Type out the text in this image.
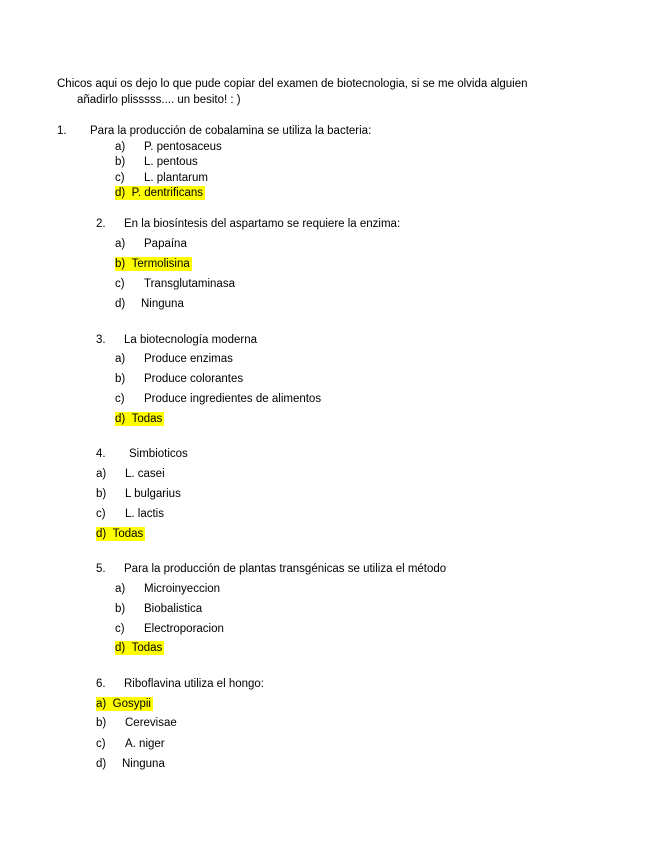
Chicos aqui os dejo lo que pude copiar del examen de biotecnologia, si se me olvida alguien
añadirlo plisssss.... un besito! : )
1. Para la producción de cobalamina se utiliza la bacteria:
a) P. pentosaceus
b) L. pentous
c) L. plantarum
d) P. dentrificans
2. En la biosíntesis del aspartamo se requiere la enzima:
a) Papaína
b) Termolisina
c) Transglutaminasa
d) Ninguna
3. La biotecnología moderna
a) Produce enzimas
b) Produce colorantes
c) Produce ingredientes de alimentos
d) Todas
4. Simbioticos
a) L. casei
b) L bulgarius
c) L. lactis
d) Todas
5. Para la producción de plantas transgénicas se utiliza el método
a) Microinyeccion
b) Biobalistica
c) Electroporacion
d) Todas
6. Riboflavina utiliza el hongo:
a) Gosypii
b) Cerevisae
c) A. niger
d) Ninguna
